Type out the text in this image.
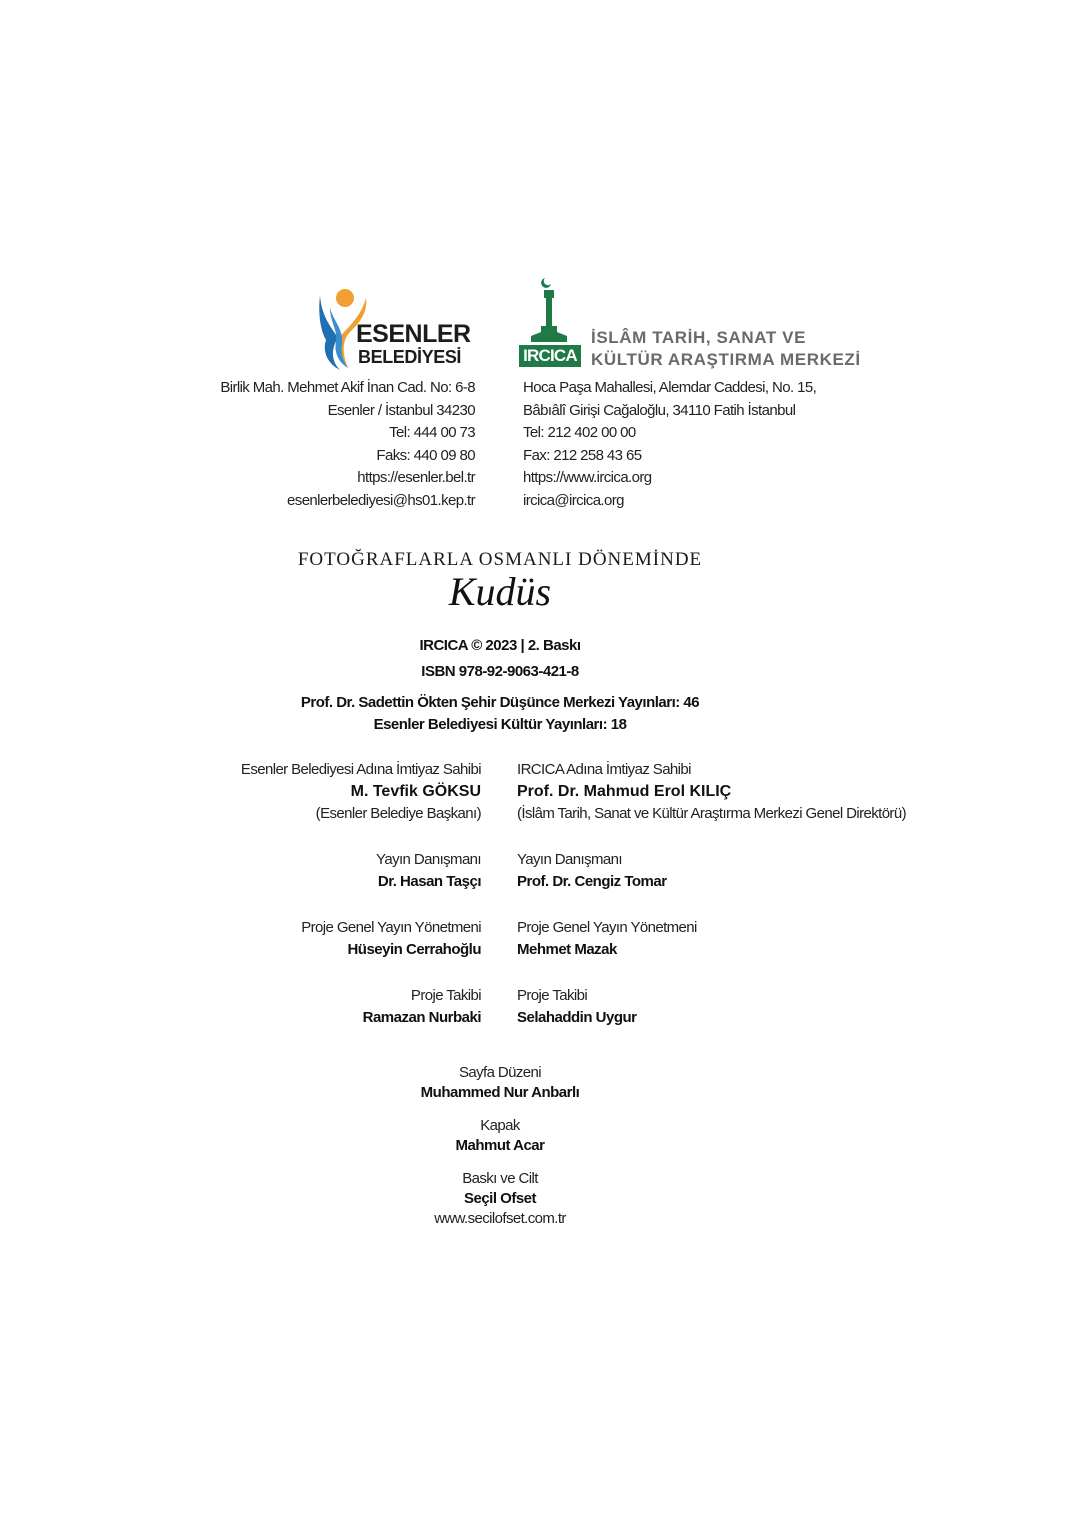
ESENLER
BELEDİYESİ	IRCICA
İSLÂM TARİH, SANAT VE
KÜLTÜR ARAŞTIRMA MERKEZİ
Birlik Mah. Mehmet Akif İnan Cad. No: 6-8
Esenler / İstanbul 34230
Tel: 444 00 73
Faks: 440 09 80
https://esenler.bel.tr
esenlerbelediyesi@hs01.kep.tr
Hoca Paşa Mahallesi, Alemdar Caddesi, No. 15,
Bâbıâlî Girişi Cağaloğlu, 34110 Fatih İstanbul
Tel: 212 402 00 00
Fax: 212 258 43 65
https://www.ircica.org
ircica@ircica.org
FOTOĞRAFLARLA OSMANLI DÖNEMİNDE
Kudüs
IRCICA © 2023 | 2. Baskı
ISBN 978-92-9063-421-8
Prof. Dr. Sadettin Ökten Şehir Düşünce Merkezi Yayınları: 46
Esenler Belediyesi Kültür Yayınları: 18
Esenler Belediyesi Adına İmtiyaz Sahibi
M. Tevfik GÖKSU
(Esenler Belediye Başkanı)
IRCICA Adına İmtiyaz Sahibi
Prof. Dr. Mahmud Erol KILIÇ
(İslâm Tarih, Sanat ve Kültür Araştırma Merkezi Genel Direktörü)
Yayın Danışmanı
Dr. Hasan Taşçı
Yayın Danışmanı
Prof. Dr. Cengiz Tomar
Proje Genel Yayın Yönetmeni
Hüseyin Cerrahoğlu
Proje Genel Yayın Yönetmeni
Mehmet Mazak
Proje Takibi
Ramazan Nurbaki
Proje Takibi
Selahaddin Uygur
Sayfa Düzeni
Muhammed Nur Anbarlı
Kapak
Mahmut Acar
Baskı ve Cilt
Seçil Ofset
www.secilofset.com.tr
